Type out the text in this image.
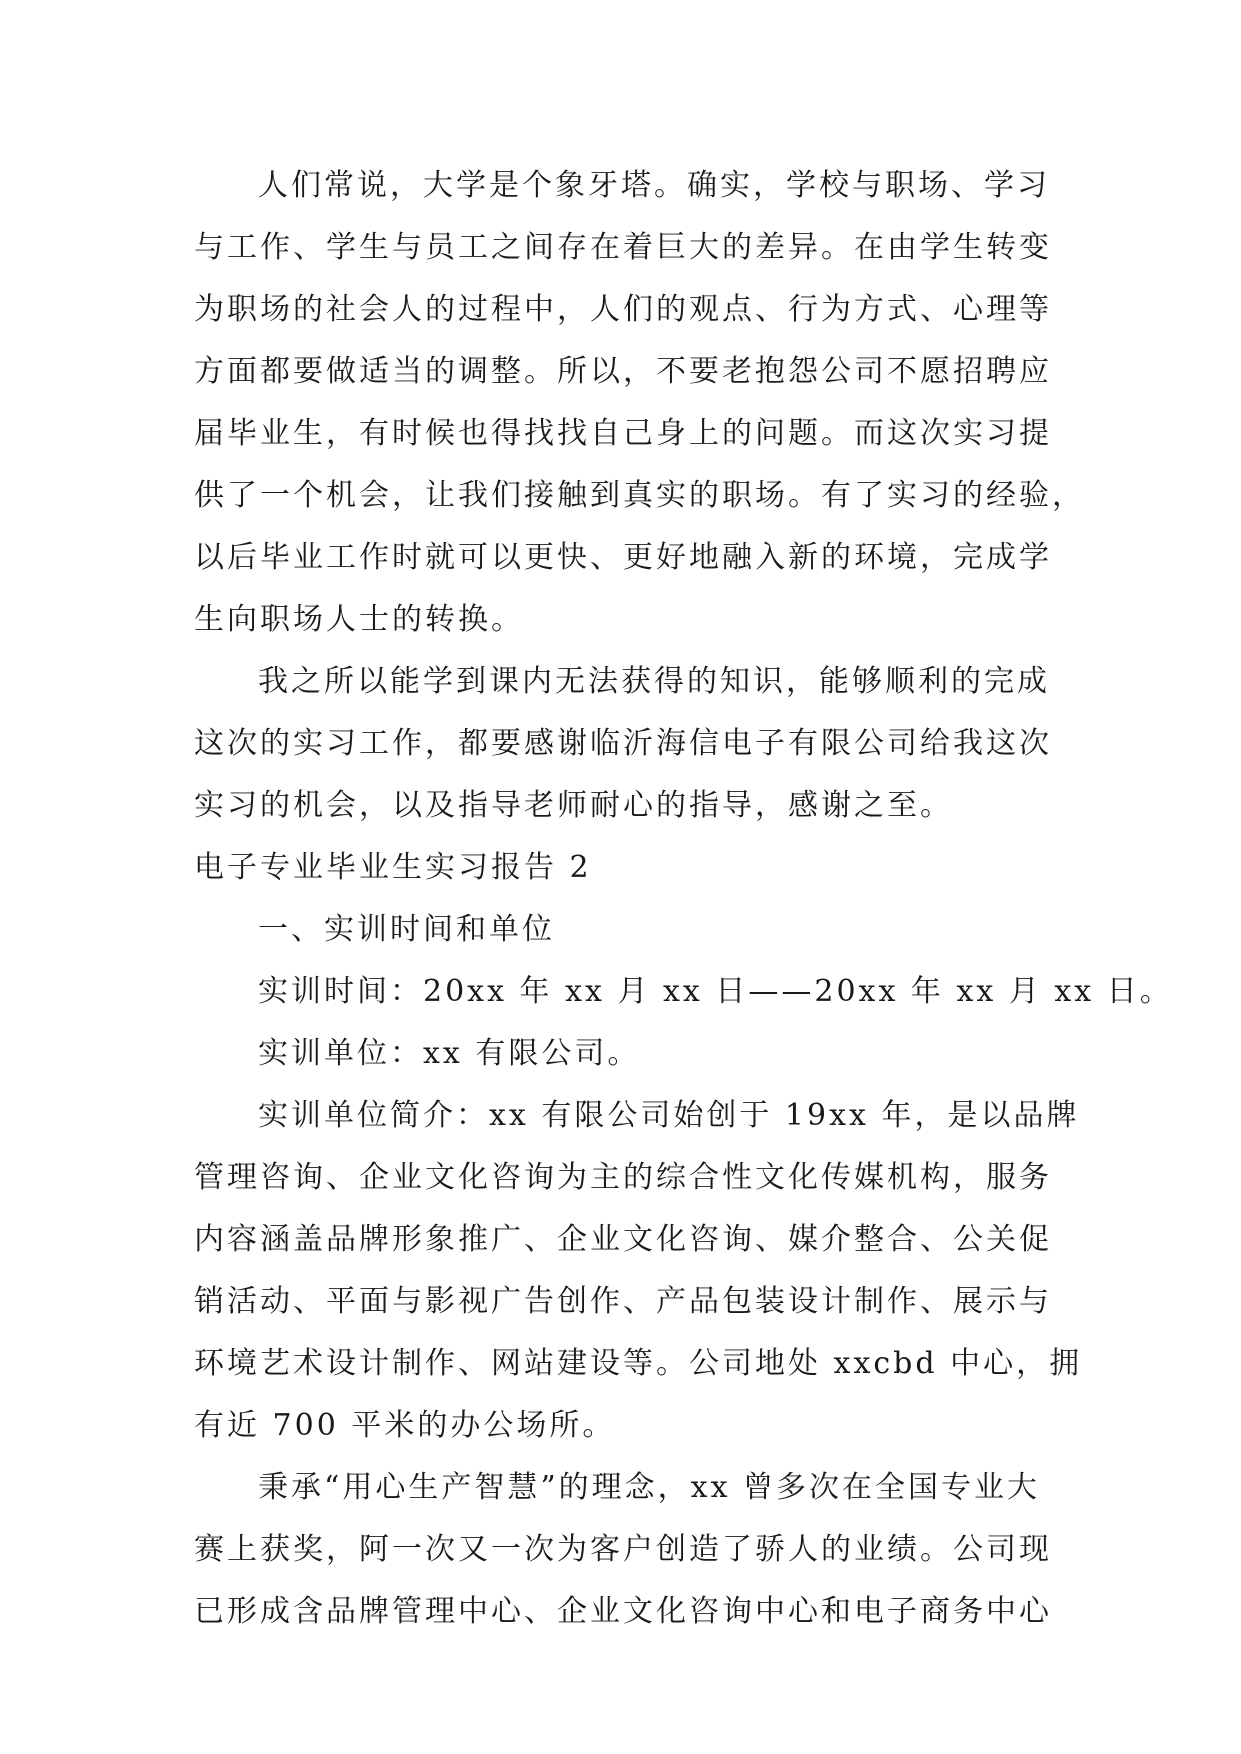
人们常说，大学是个象牙塔。确实，学校与职场、学习
与工作、学生与员工之间存在着巨大的差异。在由学生转变
为职场的社会人的过程中，人们的观点、行为方式、心理等
方面都要做适当的调整。所以，不要老抱怨公司不愿招聘应
届毕业生，有时候也得找找自己身上的问题。而这次实习提
供了一个机会，让我们接触到真实的职场。有了实习的经验，
以后毕业工作时就可以更快、更好地融入新的环境，完成学
生向职场人士的转换。

我之所以能学到课内无法获得的知识，能够顺利的完成
这次的实习工作，都要感谢临沂海信电子有限公司给我这次
实习的机会，以及指导老师耐心的指导，感谢之至。

电子专业毕业生实习报告 2

一、实训时间和单位

实训时间：20xx 年 xx 月 xx 日——20xx 年 xx 月 xx 日。

实训单位：xx 有限公司。

实训单位简介：xx 有限公司始创于 19xx 年，是以品牌
管理咨询、企业文化咨询为主的综合性文化传媒机构，服务
内容涵盖品牌形象推广、企业文化咨询、媒介整合、公关促
销活动、平面与影视广告创作、产品包装设计制作、展示与
环境艺术设计制作、网站建设等。公司地处 xxcbd 中心，拥
有近 700 平米的办公场所。

秉承“用心生产智慧”的理念，xx 曾多次在全国专业大
赛上获奖，阿一次又一次为客户创造了骄人的业绩。公司现
已形成含品牌管理中心、企业文化咨询中心和电子商务中心
